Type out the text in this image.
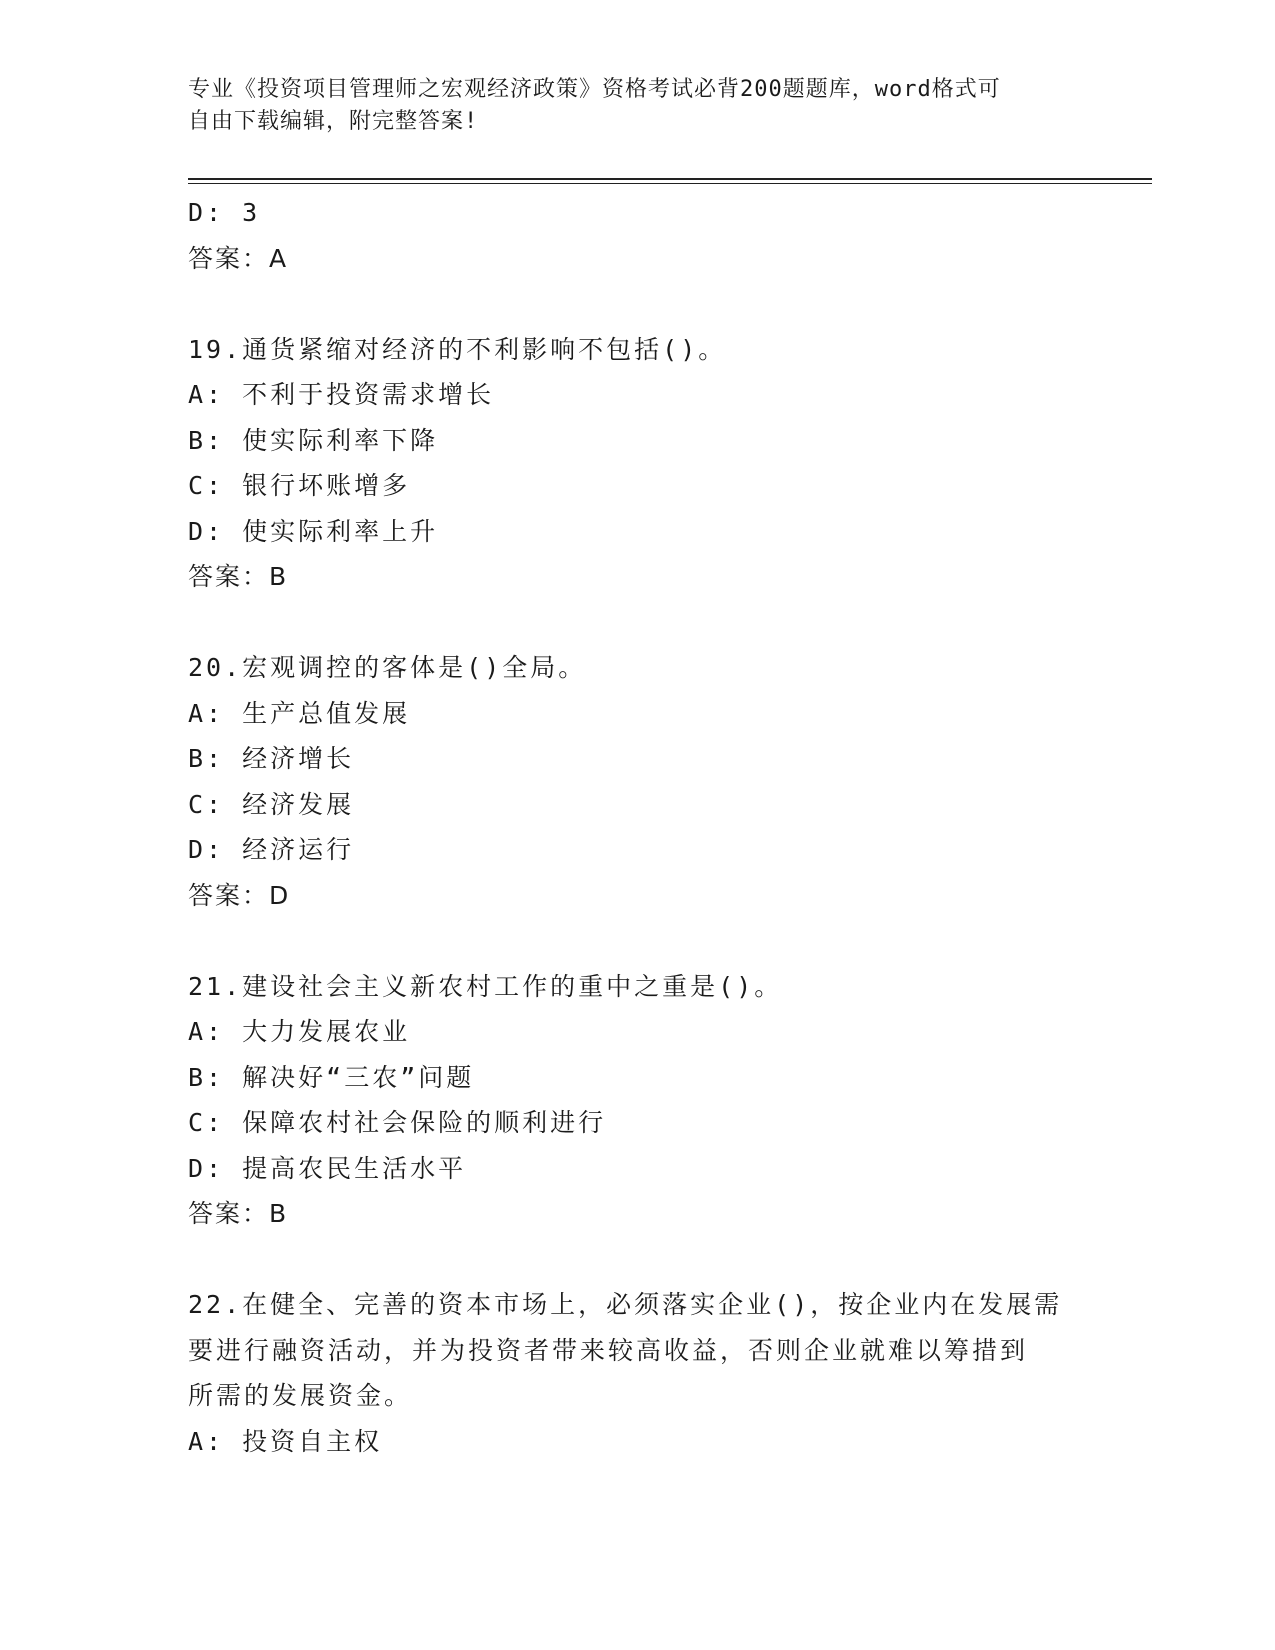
专业《投资项目管理师之宏观经济政策》资格考试必背200题题库，word格式可
自由下载编辑，附完整答案!
D: 3
答案：A
19.通货紧缩对经济的不利影响不包括()。
A: 不利于投资需求增长
B: 使实际利率下降
C: 银行坏账增多
D: 使实际利率上升
答案：B
20.宏观调控的客体是()全局。
A: 生产总值发展
B: 经济增长
C: 经济发展
D: 经济运行
答案：D
21.建设社会主义新农村工作的重中之重是()。
A: 大力发展农业
B: 解决好“三农”问题
C: 保障农村社会保险的顺利进行
D: 提高农民生活水平
答案：B
22.在健全、完善的资本市场上，必须落实企业()，按企业内在发展需
要进行融资活动，并为投资者带来较高收益，否则企业就难以筹措到
所需的发展资金。
A: 投资自主权
